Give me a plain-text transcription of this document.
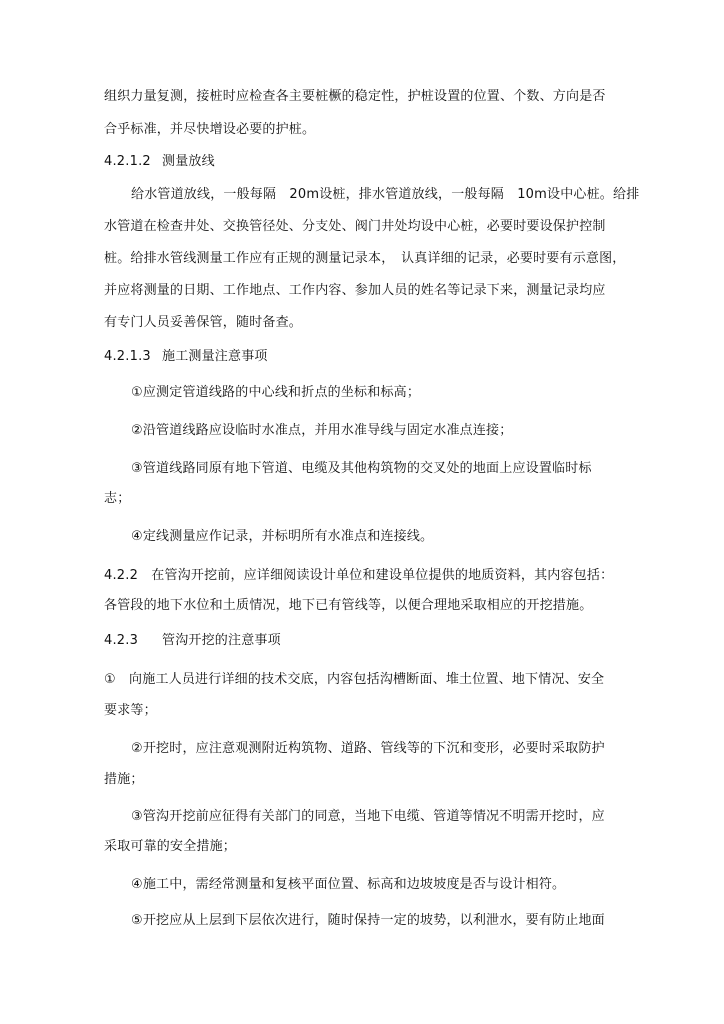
组织力量复测，接桩时应检查各主要桩橛的稳定性，护桩设置的位置、个数、方向是否
合乎标准，并尽快增设必要的护桩。
4.2.1.2 测量放线
给水管道放线，一般每隔　20m设桩，排水管道放线，一般每隔　10m设中心桩。给排
水管道在检查井处、交换管径处、分支处、阀门井处均设中心桩，必要时要设保护控制
桩。给排水管线测量工作应有正规的测量记录本，　认真详细的记录，必要时要有示意图，
并应将测量的日期、工作地点、工作内容、参加人员的姓名等记录下来，测量记录均应
有专门人员妥善保管，随时备查。
4.2.1.3 施工测量注意事项
①应测定管道线路的中心线和折点的坐标和标高；
②沿管道线路应设临时水准点，并用水准导线与固定水准点连接；
③管道线路同原有地下管道、电缆及其他构筑物的交叉处的地面上应设置临时标
志；
④定线测量应作记录，并标明所有水准点和连接线。
4.2.2　在管沟开挖前，应详细阅读设计单位和建设单位提供的地质资料，其内容包括：
各管段的地下水位和土质情况，地下已有管线等，以便合理地采取相应的开挖措施。
4.2.3 管沟开挖的注意事项
①　向施工人员进行详细的技术交底，内容包括沟槽断面、堆土位置、地下情况、安全
要求等；
②开挖时，应注意观测附近构筑物、道路、管线等的下沉和变形，必要时采取防护
措施；
③管沟开挖前应征得有关部门的同意，当地下电缆、管道等情况不明需开挖时，应
采取可靠的安全措施；
④施工中，需经常测量和复核平面位置、标高和边坡坡度是否与设计相符。
⑤开挖应从上层到下层依次进行，随时保持一定的坡势，以利泄水，要有防止地面
